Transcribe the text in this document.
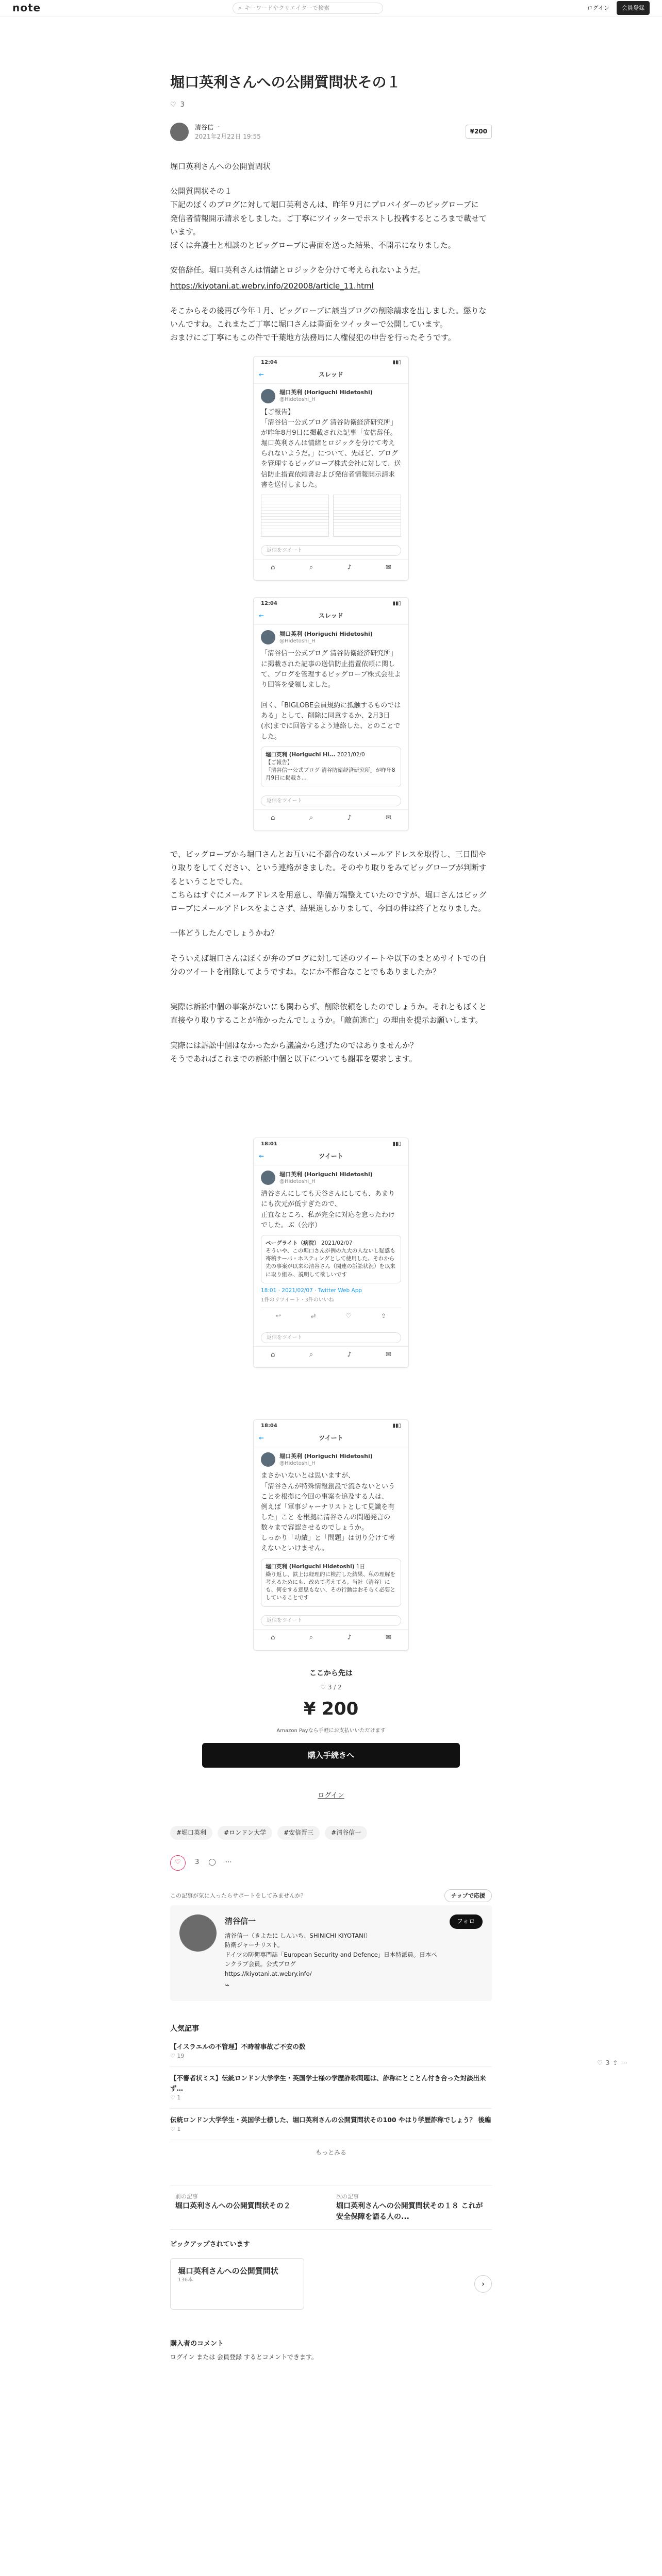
note	⌕ キーワードやクリエイターで検索	ログイン	会員登録
堀口英利さんへの公開質問状その１
♡ 3
清谷信一
2021年2月22日 19:55
¥200

堀口英利さんへの公開質問状

公開質問状その１
下記のぼくのブログに対して堀口英利さんは、昨年９月にプロバイダーのビッグローブに
発信者情報開示請求をしました。ご丁寧にツイッターでポストし投稿するところまで載せています。
ぼくは弁護士と相談のとビッグローブに書面を送った結果、不開示になりました。

安倍辞任。堀口英利さんは情緒とロジックを分けて考えられないようだ。

https://kiyotani.at.webry.info/202008/article_11.html

そこからその後再び今年１月、ビッグローブに該当ブログの削除請求を出しました。懲りないんですね。これまたご丁寧に堀口さんは書面をツイッターで公開しています。
おまけにご丁寧にもこの件で千葉地方法務局に人権侵犯の申告を行ったそうです。

12:04	▮▮▯
←	スレッド
堀口英利 (Horiguchi Hidetoshi)
@Hidetoshi_H
【ご報告】
「清谷信一公式ブログ 清谷防衛経済研究所」が昨年8月9日に掲載された記事「安倍辞任。堀口英利さんは情緒とロジックを分けて考えられないようだ。」について、先ほど、ブログを管理するビッグローブ株式会社に対して、送信防止措置依頼書および発信者情報開示請求書を送付しました。
返信をツイート
⌂	⌕	♪	✉
12:04	▮▮▯
←	スレッド
堀口英利 (Horiguchi Hidetoshi)
@Hidetoshi_H
「清谷信一公式ブログ 清谷防衛経済研究所」に掲載された記事の送信防止措置依頼に関して、ブログを管理するビッグローブ株式会社より回答を受領しました。

回く、「BIGLOBE会員規約に抵触するものではある」として、削除に同意するか、2月3日(水)までに回答するよう連絡した、とのことでした。
堀口英利 (Horiguchi Hi... 2021/02/0
【ご報告】
「清谷信一公式ブログ 清谷防衛経済研究所」が昨年8月9日に掲載さ...
返信をツイート
⌂	⌕	♪	✉

で、ビッグローブから堀口さんとお互いに不都合のないメールアドレスを取得し、三日間やり取りをしてください、という連絡がきました。そのやり取りをみてビッグローブが判断するということでした。
こちらはすぐにメールアドレスを用意し、準備万端整えていたのですが、堀口さんはビッグローブにメールアドレスをよこさず、結果退しかりまして、今回の件は終了となりました。

一体どうしたんでしょうかね？

そういえば堀口さんはぼくが弁のブログに対して述のツイートや以下のまとめサイトでの自分のツイートを削除してようですね。なにか不都合なことでもありましたか？

実際は訴訟中個の事案がないにも関わらず、削除依頼をしたのでしょうか。それともぼくと直接やり取りすることが怖かったんでしょうか。「敵前逃亡」の理由を提示お願いします。

実際には訴訟中個はなかったから議論から逃げたのではありませんか？
そうであればこれまでの訴訟中個と以下についても謝罪を要求します。

18:01	▮▮▯
←	ツイート
堀口英利 (Horiguchi Hidetoshi)
@Hidetoshi_H
清谷さんにしても天谷さんにしても、あまりにも次元が低すぎたので、
正直なところ、私が完全に対応を怠ったわけでした。ぶ（公序）
ベーグライト（病院） 2021/02/07
そういや、この堀口さんが例の九大の人ないし疑惑も寄稿サーバ・ホスティングとして使用した。それから先の事案が以来の清谷さん（関連の訴訟状況）を以来に取り組み、説明して欲しいです
18:01 · 2021/02/07 · Twitter Web App
1件のリツイート · 3件のいいね
↩	⇄	♡	⇪
返信をツイート
⌂	⌕	♪	✉
18:04	▮▮▯
←	ツイート
堀口英利 (Horiguchi Hidetoshi)
@Hidetoshi_H
まさかいないとは思いますが、
「清谷さんが特殊情報創設で流さないということを根拠に今回の事案を追及する人は、
例えば「軍事ジャーナリストとして見識を有した」こと を根拠に清谷さんの問題発言の数々まで容認させるのでしょうか。
しっかり「功績」と「問題」は切り分けて考えないといけません。
堀口英利 (Horiguchi Hidetoshi) 1日
繰り返し、鉄上は経理的に検討した結果、私の理解を考えるためにも、改めて考えてる。当社（清谷）にも、何をする意思もない、その行動はおそらく必要としていることです
返信をツイート
⌂	⌕	♪	✉
ここから先は
♡ 3 / 2
¥ 200
Amazon Payなら手軽にお支払いいただけます
購入手続きへ
ログイン
#堀口英利	#ロンドン大学	#安倍晋三	#清谷信一
♡ 3 ◯ ⋯
この記事が気に入ったらサポートをしてみませんか？	チップで応援
清谷信一
清谷信一（きよたに しんいち、SHINICHI KIYOTANI）
防衛ジャーナリスト。
ドイツの防衛専門誌「European Security and Defence」日本特派員。日本ペンクラブ会員。公式ブログ
https://kiyotani.at.webry.info/
⌁
フォロー
人気記事
【イスラエルの不管理】不時着事故ご不安の数
♡ 19
【不審者状ミス】伝統ロンドン大学学生・英国学士様の学歴詐称問題は、詐称にとことん付き合った対談出来ず…
♡ 1
伝統ロンドン大学学生・英国学士様した、堀口英利さんの公開質問状その100 やはり学歴詐称でしょう？ 後編
♡ 1
もっとみる
前の記事
堀口英利さんへの公開質問状その２
次の記事
堀口英利さんへの公開質問状その１８ これが安全保障を語る人の...
ピックアップされています
堀口英利さんへの公開質問状
136本	›
購入者のコメント
ログイン または 会員登録 するとコメントできます。
♡ 3 ⇪ ⋯
